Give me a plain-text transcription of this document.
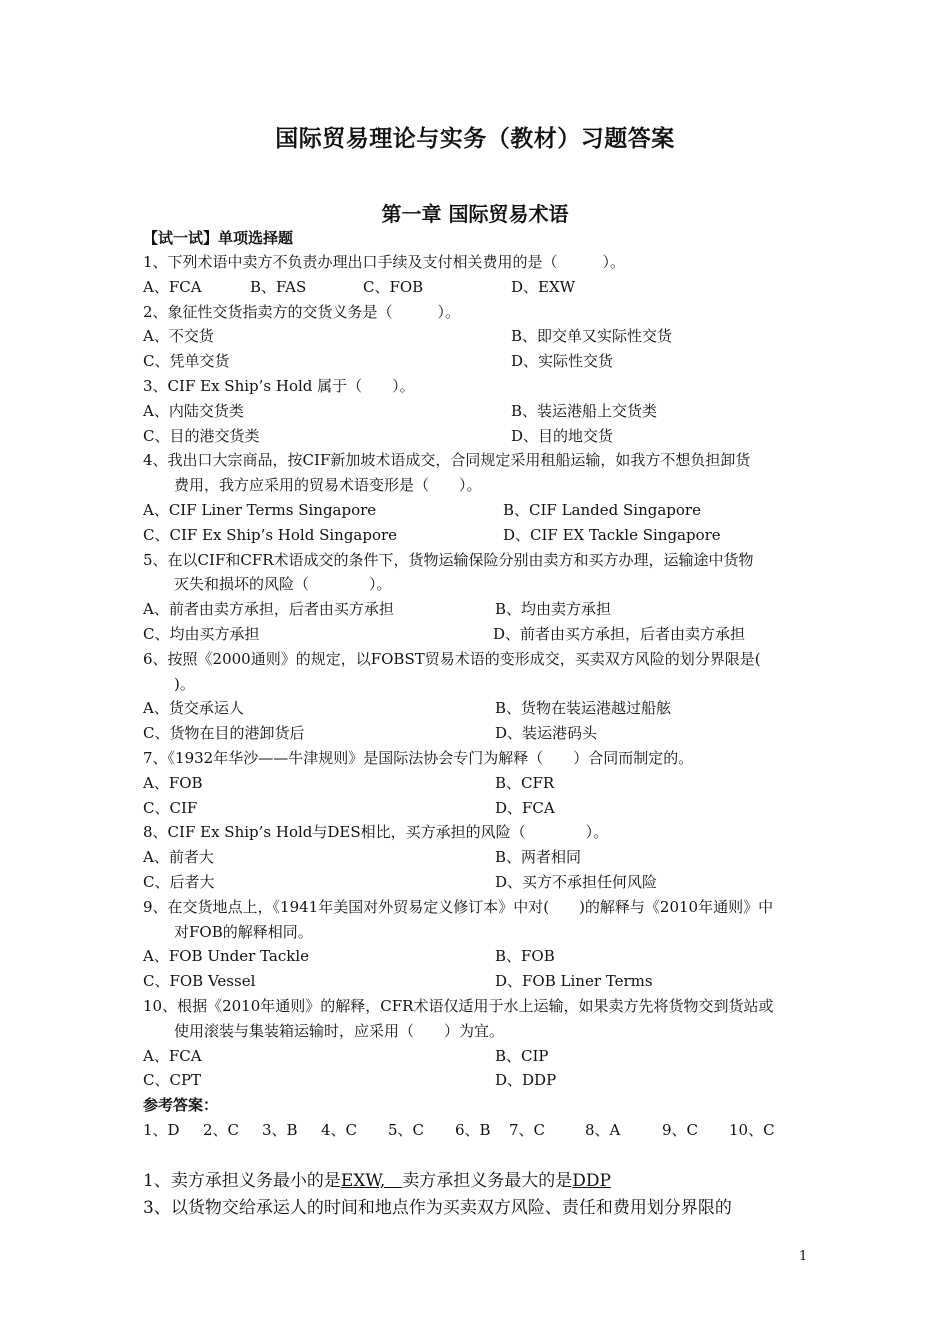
国际贸易理论与实务（教材）习题答案
第一章 国际贸易术语
【试一试】单项选择题
1、下列术语中卖方不负责办理出口手续及支付相关费用的是（　　　）。
A、FCA	B、FAS	C、FOB	D、EXW
2、象征性交货指卖方的交货义务是（　　　）。
A、不交货	B、即交单又实际性交货
C、凭单交货	D、实际性交货
3、CIF Ex Ship’s Hold 属于（　　）。
A、内陆交货类	B、装运港船上交货类
C、目的港交货类	D、目的地交货
4、我出口大宗商品，按CIF新加坡术语成交，合同规定采用租船运输，如我方不想负担卸货
费用，我方应采用的贸易术语变形是（　　）。
A、CIF Liner Terms Singapore	B、CIF Landed Singapore
C、CIF Ex Ship’s Hold Singapore	D、CIF EX Tackle Singapore
5、在以CIF和CFR术语成交的条件下，货物运输保险分别由卖方和买方办理，运输途中货物
灭失和损坏的风险（　　　　）。
A、前者由卖方承担，后者由买方承担	B、均由卖方承担
C、均由买方承担	D、前者由买方承担，后者由卖方承担
6、按照《2000通则》的规定，以FOBST贸易术语的变形成交，买卖双方风险的划分界限是(
)。
A、货交承运人	B、货物在装运港越过船舷
C、货物在目的港卸货后	D、装运港码头
7、《1932年华沙——牛津规则》是国际法协会专门为解释（　　）合同而制定的。
A、FOB	B、CFR
C、CIF	D、FCA
8、CIF Ex Ship’s Hold与DES相比，买方承担的风险（　　　　）。
A、前者大	B、两者相同
C、后者大	D、买方不承担任何风险
9、在交货地点上，《1941年美国对外贸易定义修订本》中对(　　)的解释与《2010年通则》中
对FOB的解释相同。
A、FOB Under Tackle	B、FOB
C、FOB Vessel	D、FOB Liner Terms
10、根据《2010年通则》的解释，CFR术语仅适用于水上运输，如果卖方先将货物交到货站或
使用滚装与集装箱运输时，应采用（　　）为宜。
A、FCA	B、CIP
C、CPT	D、DDP
参考答案：
1、D	2、C	3、B	4、C	5、C	6、B	7、C	8、A	9、C	10、C
1、卖方承担义务最小的是EXW,　卖方承担义务最大的是DDP
3、以货物交给承运人的时间和地点作为买卖双方风险、责任和费用划分界限的
1
